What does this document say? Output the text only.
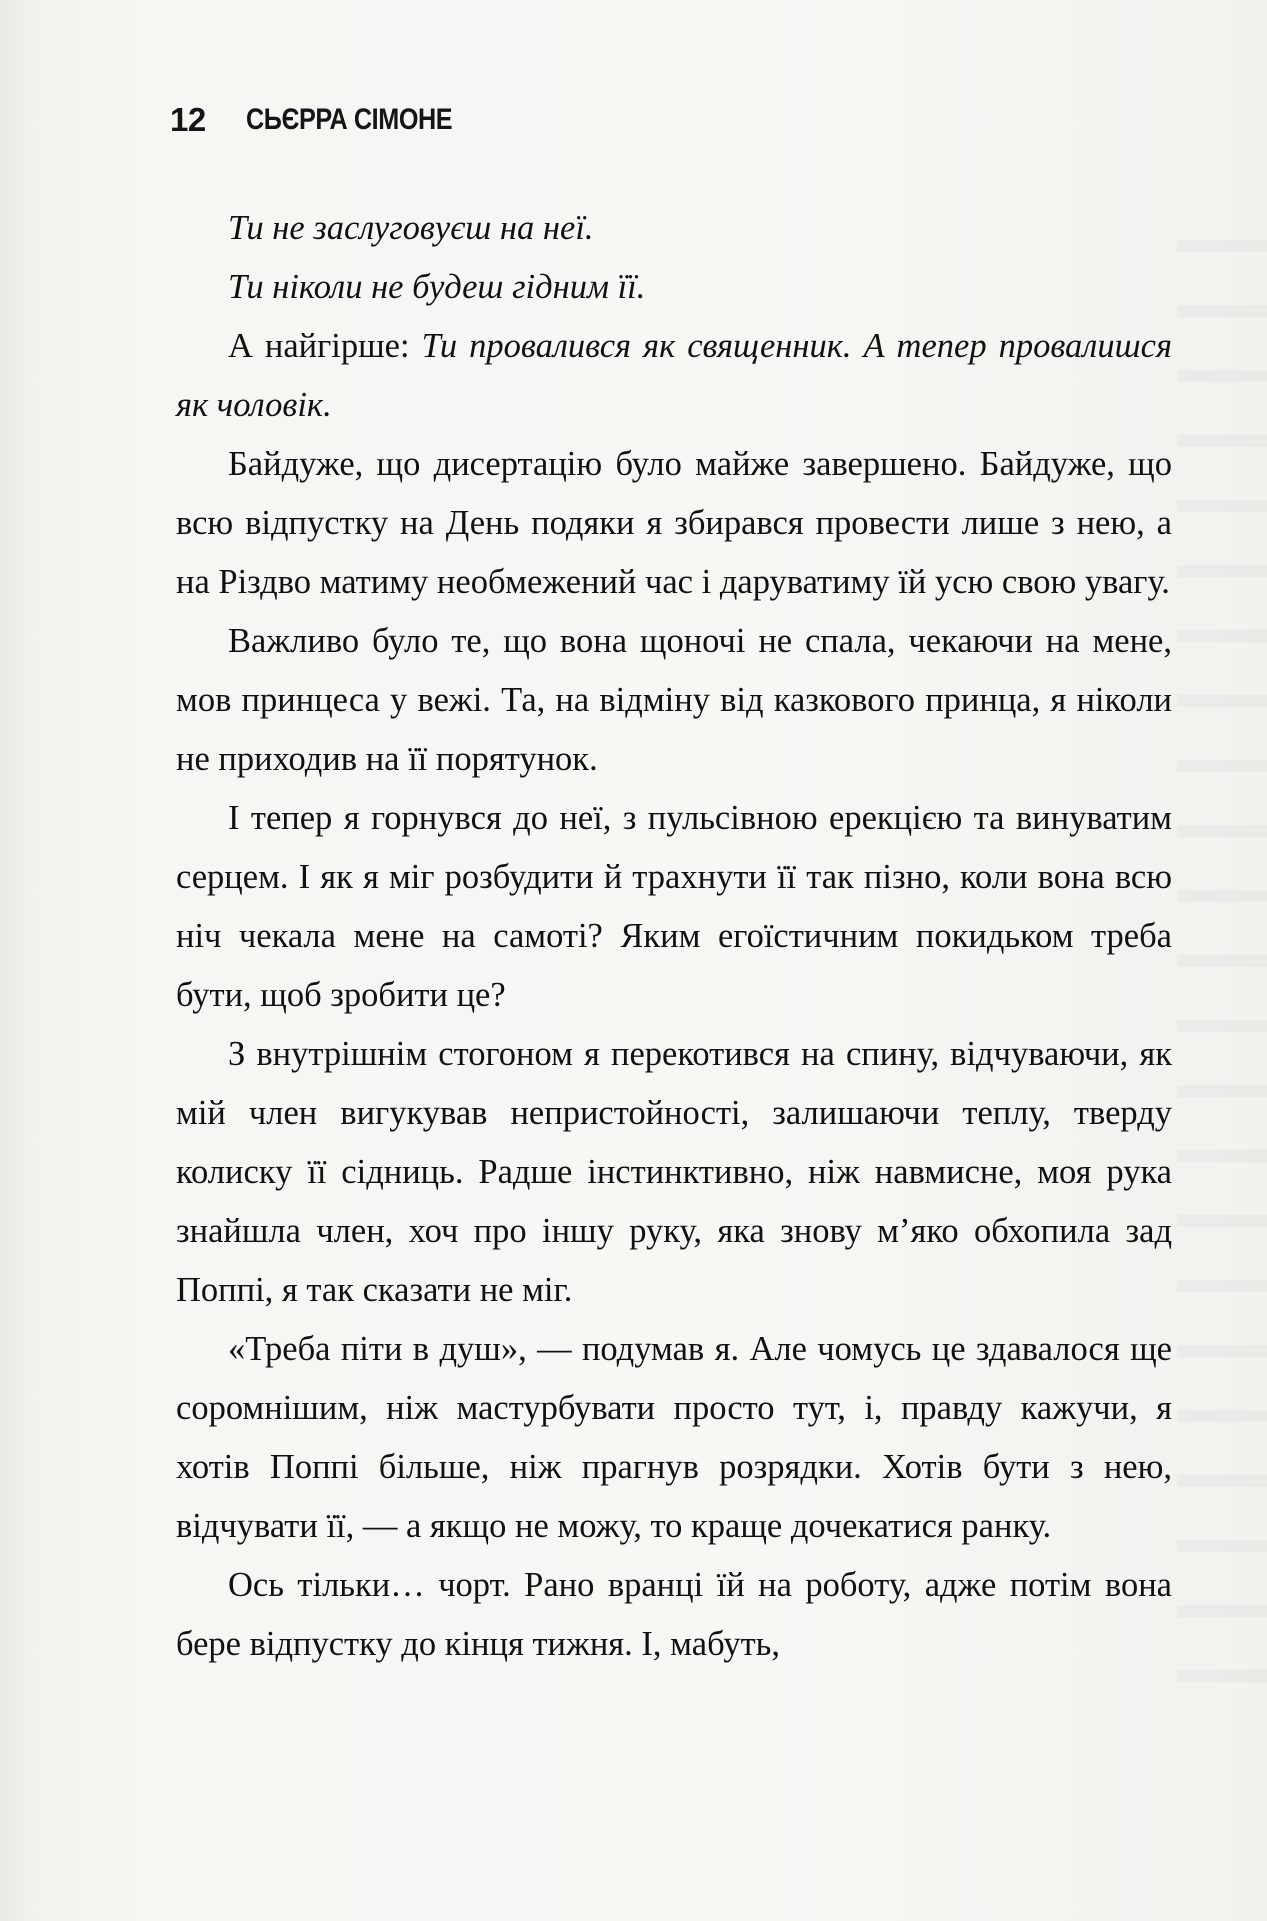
12 СЬЄРРА СІМОНЕ

Ти не заслуговуєш на неї.

Ти ніколи не будеш гідним її.

А найгірше: Ти провалився як священник. А тепер провалишся як чоловік.

Байдуже, що дисертацію було майже завершено. Байдуже, що всю відпустку на День подяки я збирався провести лише з нею, а на Різдво матиму необмежений час і даруватиму їй усю свою увагу.

Важливо було те, що вона щоночі не спала, чекаючи на мене, мов принцеса у вежі. Та, на відміну від казкового принца, я ніколи не приходив на її порятунок.

І тепер я горнувся до неї, з пульсівною ерекцією та винуватим серцем. І як я міг розбудити й трахнути її так пізно, коли вона всю ніч чекала мене на самоті? Яким егоїстичним покидьком треба бути, щоб зробити це?

З внутрішнім стогоном я перекотився на спину, відчуваючи, як мій член вигукував непристойності, залишаючи теплу, тверду колиску її сідниць. Радше інстинктивно, ніж навмисне, моя рука знайшла член, хоч про іншу руку, яка знову м’яко обхопила зад Поппі, я так сказати не міг.

«Треба піти в душ», — подумав я. Але чомусь це здавалося ще соромнішим, ніж мастурбувати просто тут, і, правду кажучи, я хотів Поппі більше, ніж прагнув розрядки. Хотів бути з нею, відчувати її, — а якщо не можу, то краще дочекатися ранку.

Ось тільки… чорт. Рано вранці їй на роботу, адже потім вона бере відпустку до кінця тижня. І, мабуть,
